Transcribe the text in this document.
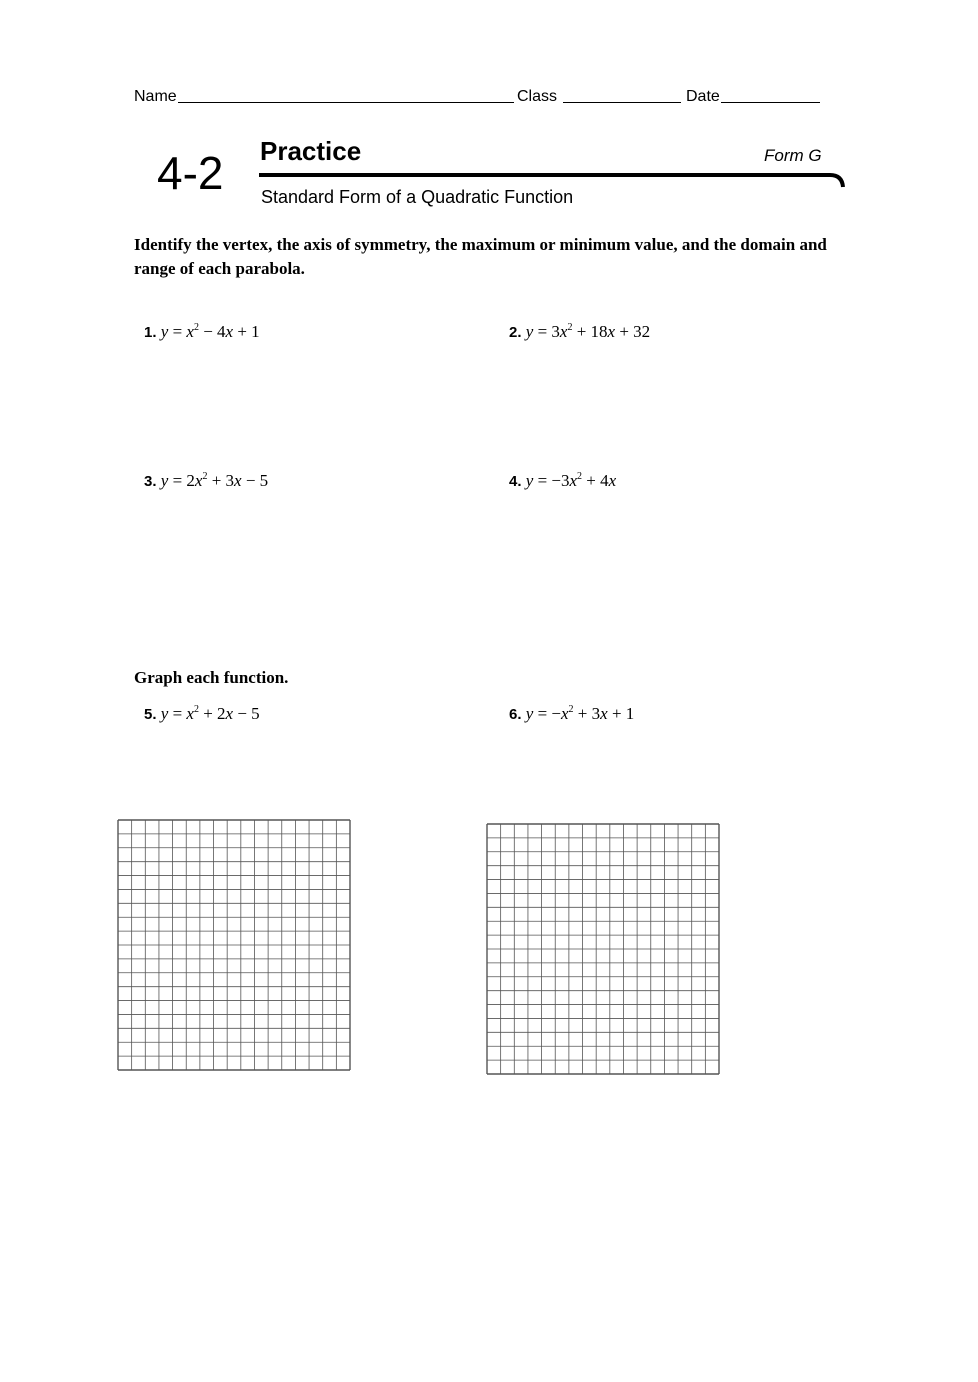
Name	Class	Date
4-2 Practice	Form G
Standard Form of a Quadratic Function
Identify the vertex, the axis of symmetry, the maximum or minimum value, and the domain and range of each parabola.
1. $y = x^2 - 4x + 1$	2. $y = 3x^2 + 18x + 32$
3. $y = 2x^2 + 3x - 5$	4. $y = -3x^2 + 4x$
Graph each function.
5. $y = x^2 + 2x - 5$	6. $y = -x^2 + 3x + 1$
